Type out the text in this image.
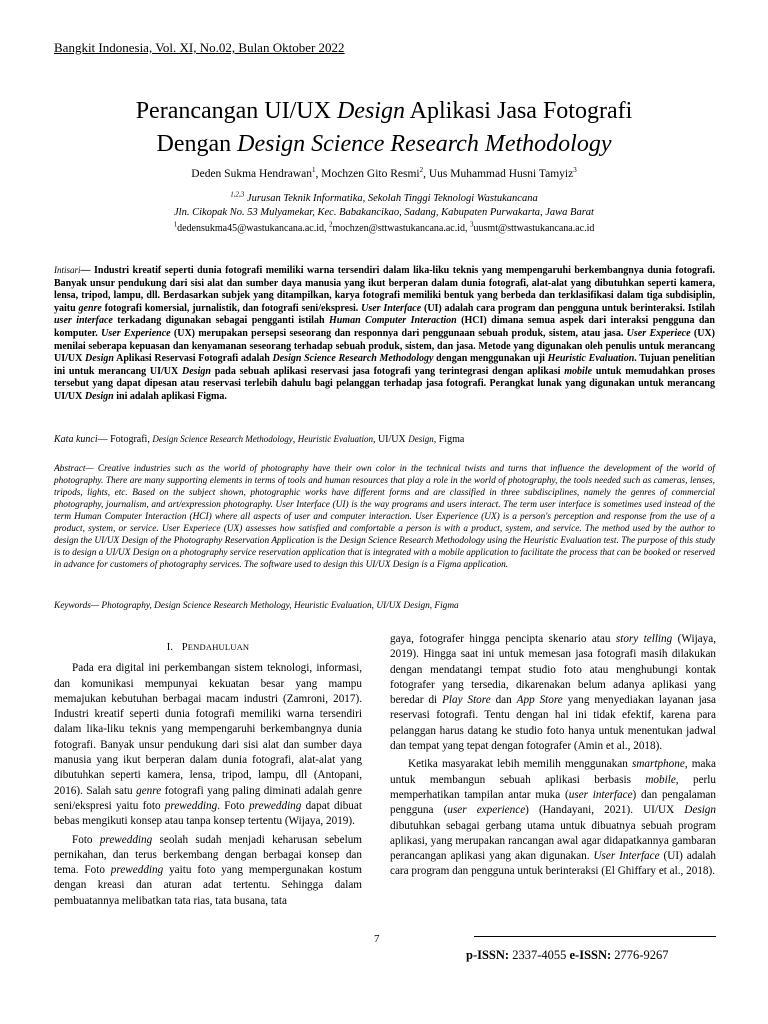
Bangkit Indonesia, Vol. XI, No.02, Bulan Oktober 2022
Perancangan UI/UX Design Aplikasi Jasa Fotografi
Dengan Design Science Research Methodology
Deden Sukma Hendrawan$^1$, Mochzen Gito Resmi$^2$, Uus Muhammad Husni Tamyiz$^3$
$^{1,2,3}$ Jurusan Teknik Informatika, Sekolah Tinggi Teknologi Wastukancana
Jln. Cikopak No. 53 Mulyamekar, Kec. Babakancikao, Sadang, Kabupaten Purwakarta, Jawa Barat
$^1$dedensukma45@wastukancana.ac.id, $^2$mochzen@sttwastukancana.ac.id, $^3$uusmt@sttwastukancana.ac.id
Intisari— Industri kreatif seperti dunia fotografi memiliki warna tersendiri dalam lika-liku teknis yang mempengaruhi berkembangnya dunia fotografi. Banyak unsur pendukung dari sisi alat dan sumber daya manusia yang ikut berperan dalam dunia fotografi, alat-alat yang dibutuhkan seperti kamera, lensa, tripod, lampu, dll. Berdasarkan subjek yang ditampilkan, karya fotografi memiliki bentuk yang berbeda dan terklasifikasi dalam tiga subdisiplin, yaitu genre fotografi komersial, jurnalistik, dan fotografi seni/ekspresi. User Interface (UI) adalah cara program dan pengguna untuk berinteraksi. Istilah user interface terkadang digunakan sebagai pengganti istilah Human Computer Interaction (HCI) dimana semua aspek dari interaksi pengguna dan komputer. User Experience (UX) merupakan persepsi seseorang dan responnya dari penggunaan sebuah produk, sistem, atau jasa. User Experiece (UX) menilai seberapa kepuasan dan kenyamanan seseorang terhadap sebuah produk, sistem, dan jasa. Metode yang digunakan oleh penulis untuk merancang UI/UX Design Aplikasi Reservasi Fotografi adalah Design Science Research Methodology dengan menggunakan uji Heuristic Evaluation. Tujuan penelitian ini untuk merancang UI/UX Design pada sebuah aplikasi reservasi jasa fotografi yang terintegrasi dengan aplikasi mobile untuk memudahkan proses tersebut yang dapat dipesan atau reservasi terlebih dahulu bagi pelanggan terhadap jasa fotografi. Perangkat lunak yang digunakan untuk merancang UI/UX Design ini adalah aplikasi Figma.
Kata kunci— Fotografi, Design Science Research Methodology, Heuristic Evaluation, UI/UX Design, Figma
Abstract— Creative industries such as the world of photography have their own color in the technical twists and turns that influence the development of the world of photography. There are many supporting elements in terms of tools and human resources that play a role in the world of photography, the tools needed such as cameras, lenses, tripods, lights, etc. Based on the subject shown, photographic works have different forms and are classified in three subdisciplines, namely the genres of commercial photography, journalism, and art/expression photography. User Interface (UI) is the way programs and users interact. The term user interface is sometimes used instead of the term Human Computer Interaction (HCI) where all aspects of user and computer interaction. User Experience (UX) is a person's perception and response from the use of a product, system, or service. User Experiece (UX) assesses how satisfied and comfortable a person is with a product, system, and service. The method used by the author to design the UI/UX Design of the Photography Reservation Application is the Design Science Research Methodology using the Heuristic Evaluation test. The purpose of this study is to design a UI/UX Design on a photography service reservation application that is integrated with a mobile application to facilitate the process that can be booked or reserved in advance for customers of photography services. The software used to design this UI/UX Design is a Figma application.
Keywords— Photography, Design Science Research Methology, Heuristic Evaluation, UI/UX Design, Figma
I. PENDAHULUAN

Pada era digital ini perkembangan sistem teknologi, informasi, dan komunikasi mempunyai kekuatan besar yang mampu memajukan kebutuhan berbagai macam industri (Zamroni, 2017). Industri kreatif seperti dunia fotografi memiliki warna tersendiri dalam lika-liku teknis yang mempengaruhi berkembangnya dunia fotografi. Banyak unsur pendukung dari sisi alat dan sumber daya manusia yang ikut berperan dalam dunia fotografi, alat-alat yang dibutuhkan seperti kamera, lensa, tripod, lampu, dll (Antopani, 2016). Salah satu genre fotografi yang paling diminati adalah genre seni/ekspresi yaitu foto prewedding. Foto prewedding dapat dibuat bebas mengikuti konsep atau tanpa konsep tertentu (Wijaya, 2019).

Foto prewedding seolah sudah menjadi keharusan sebelum pernikahan, dan terus berkembang dengan berbagai konsep dan tema. Foto prewedding yaitu foto yang mempergunakan kostum dengan kreasi dan aturan adat tertentu. Sehingga dalam pembuatannya melibatkan tata rias, tata busana, tata

gaya, fotografer hingga pencipta skenario atau story telling (Wijaya, 2019). Hingga saat ini untuk memesan jasa fotografi masih dilakukan dengan mendatangi tempat studio foto atau menghubungi kontak fotografer yang tersedia, dikarenakan belum adanya aplikasi yang beredar di Play Store dan App Store yang menyediakan layanan jasa reservasi fotografi. Tentu dengan hal ini tidak efektif, karena para pelanggan harus datang ke studio foto hanya untuk menentukan jadwal dan tempat yang tepat dengan fotografer (Amin et al., 2018).

Ketika masyarakat lebih memilih menggunakan smartphone, maka untuk membangun sebuah aplikasi berbasis mobile, perlu memperhatikan tampilan antar muka (user interface) dan pengalaman pengguna (user experience) (Handayani, 2021). UI/UX Design dibutuhkan sebagai gerbang utama untuk dibuatnya sebuah program aplikasi, yang merupakan rancangan awal agar didapatkannya gambaran perancangan aplikasi yang akan digunakan. User Interface (UI) adalah cara program dan pengguna untuk berinteraksi (El Ghiffary et al., 2018).

7
p-ISSN: 2337-4055 e-ISSN: 2776-9267
